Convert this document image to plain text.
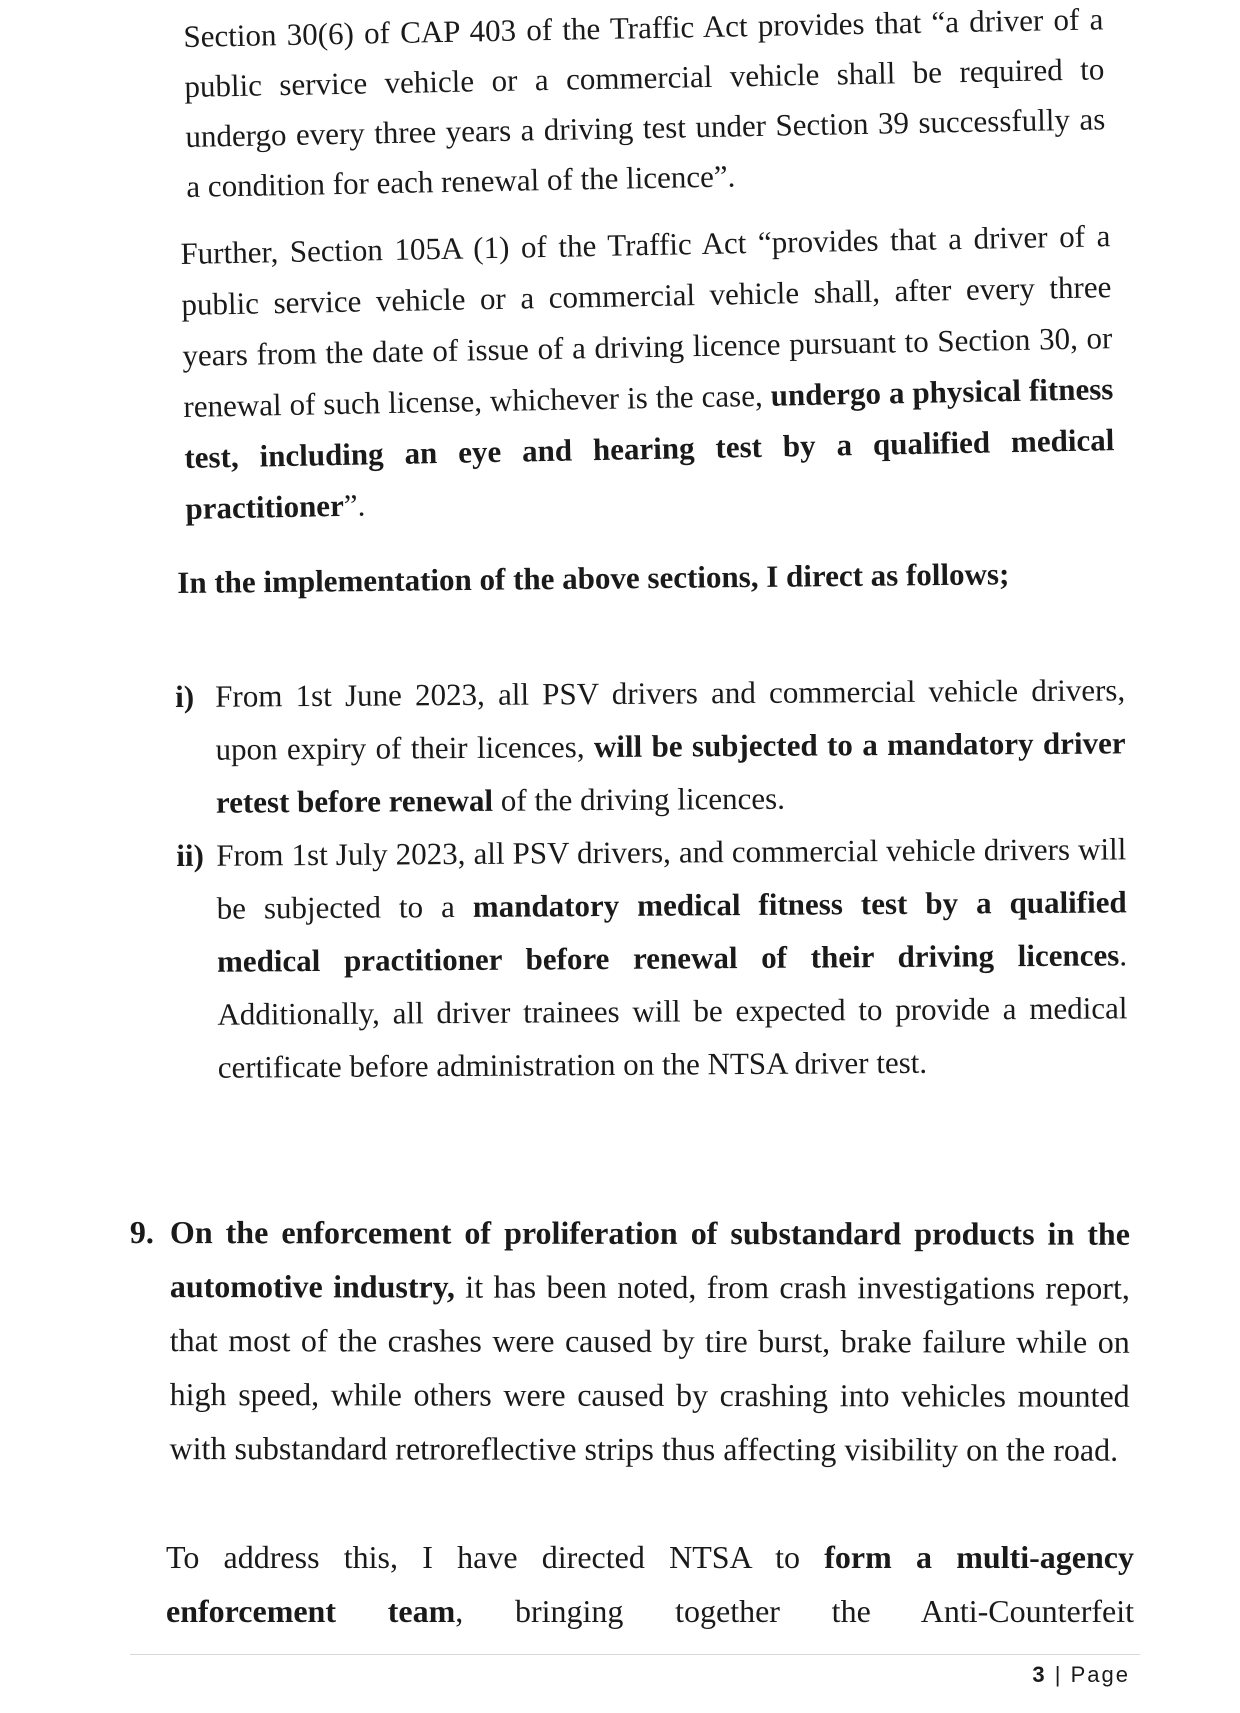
Section 30(6) of CAP 403 of the Traffic Act provides that “a driver of a public service vehicle or a commercial vehicle shall be required to undergo every three years a driving test under Section 39 successfully as a condition for each renewal of the licence”.
Further, Section 105A (1) of the Traffic Act “provides that a driver of a public service vehicle or a commercial vehicle shall, after every three years from the date of issue of a driving licence pursuant to Section 30, or renewal of such license, whichever is the case, undergo a physical fitness test, including an eye and hearing test by a qualified medical practitioner”.
In the implementation of the above sections, I direct as follows;
i) From 1st June 2023, all PSV drivers and commercial vehicle drivers, upon expiry of their licences, will be subjected to a mandatory driver retest before renewal of the driving licences.
ii) From 1st July 2023, all PSV drivers, and commercial vehicle drivers will be subjected to a mandatory medical fitness test by a qualified medical practitioner before renewal of their driving licences. Additionally, all driver trainees will be expected to provide a medical certificate before administration on the NTSA driver test.
9. On the enforcement of proliferation of substandard products in the automotive industry, it has been noted, from crash investigations report, that most of the crashes were caused by tire burst, brake failure while on high speed, while others were caused by crashing into vehicles mounted with substandard retroreflective strips thus affecting visibility on the road.
To address this, I have directed NTSA to form a multi-agency enforcement team, bringing together the Anti-Counterfeit
3 | Page
